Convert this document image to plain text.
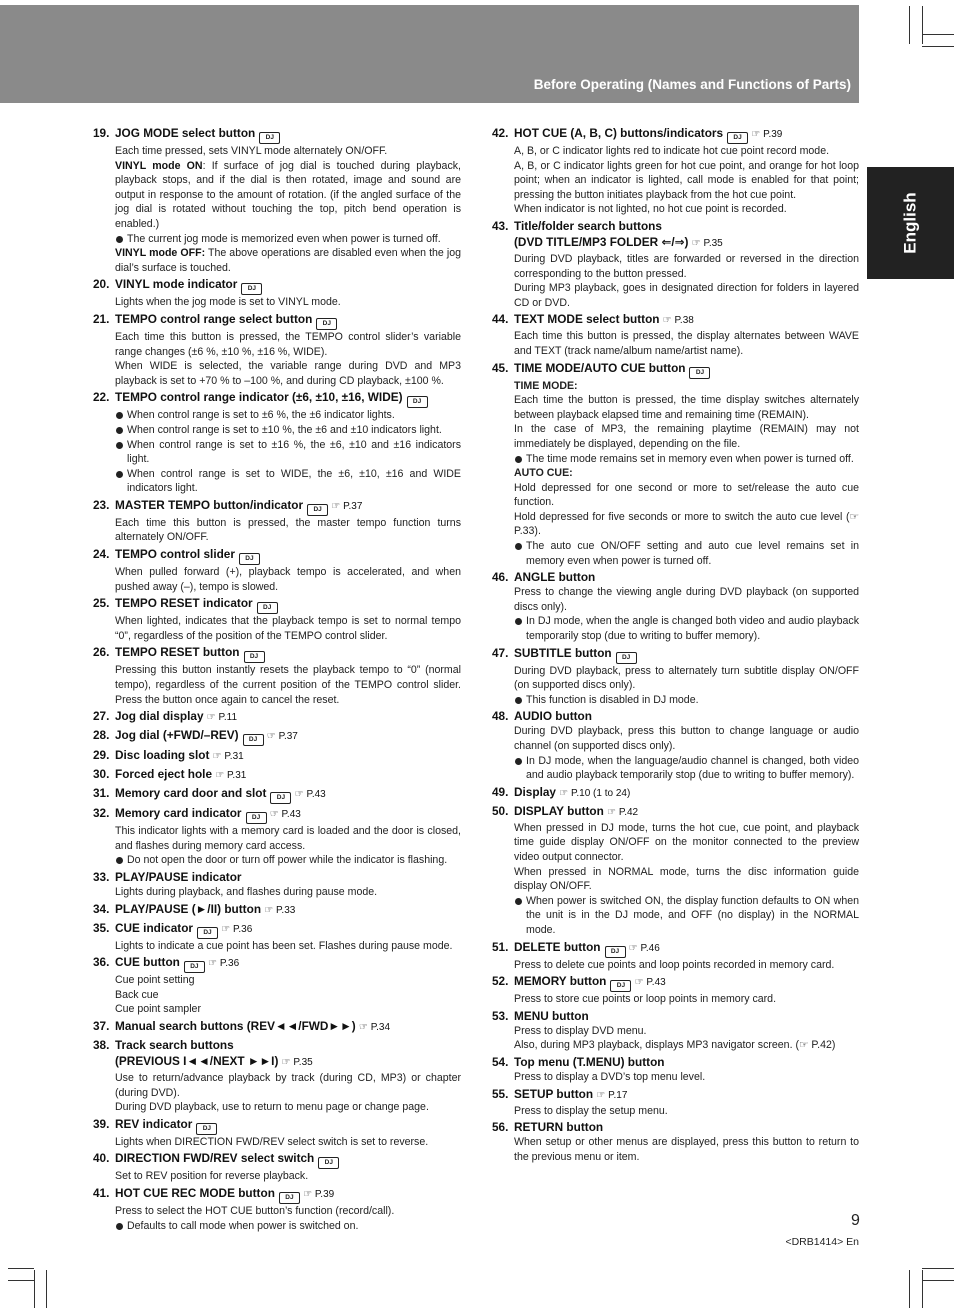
Before Operating (Names and Functions of Parts)
English
19. JOG MODE select button DJ

Each time pressed, sets VINYL mode alternately ON/OFF.

VINYL mode ON: If surface of jog dial is touched during playback, playback stops, and if the dial is then rotated, image and sound are output in response to the amount of rotation. (if the angled surface of the jog dial is rotated without touching the top, pitch bend operation is enabled.)

The current jog mode is memorized even when power is turned off.

VINYL mode OFF: The above operations are disabled even when the jog dial’s surface is touched.

20. VINYL mode indicator DJ

Lights when the jog mode is set to VINYL mode.

21. TEMPO control range select button DJ

Each time this button is pressed, the TEMPO control slider’s variable range changes (±6 %, ±10 %, ±16 %, WIDE).

When WIDE is selected, the variable range during DVD and MP3 playback is set to +70 % to –100 %, and during CD playback, ±100 %.

22. TEMPO control range indicator (±6, ±10, ±16, WIDE) DJ

When control range is set to ±6 %, the ±6 indicator lights.

When control range is set to ±10 %, the ±6 and ±10 indicators light.

When control range is set to ±16 %, the ±6, ±10 and ±16 indicators light.

When control range is set to WIDE, the ±6, ±10, ±16 and WIDE indicators light.

23. MASTER TEMPO button/indicator DJ ☞ P.37

Each time this button is pressed, the master tempo function turns alternately ON/OFF.

24. TEMPO control slider DJ

When pulled forward (+), playback tempo is accelerated, and when pushed away (–), tempo is slowed.

25. TEMPO RESET indicator DJ

When lighted, indicates that the playback tempo is set to normal tempo “0”, regardless of the position of the TEMPO control slider.

26. TEMPO RESET button DJ

Pressing this button instantly resets the playback tempo to “0” (normal tempo), regardless of the current position of the TEMPO control slider. Press the button once again to cancel the reset.

27. Jog dial display ☞ P.11
28. Jog dial (+FWD/–REV) DJ ☞ P.37
29. Disc loading slot ☞ P.31
30. Forced eject hole ☞ P.31
31. Memory card door and slot DJ ☞ P.43
32. Memory card indicator DJ ☞ P.43

This indicator lights with a memory card is loaded and the door is closed, and flashes during memory card access.

Do not open the door or turn off power while the indicator is flashing.

33. PLAY/PAUSE indicator

Lights during playback, and flashes during pause mode.

34. PLAY/PAUSE (►/II) button ☞ P.33
35. CUE indicator DJ ☞ P.36

Lights to indicate a cue point has been set. Flashes during pause mode.

36. CUE button DJ ☞ P.36

Cue point setting

Back cue

Cue point sampler

37. Manual search buttons (REV◄◄/FWD►►) ☞ P.34
38. Track search buttons
(PREVIOUS I◄◄/NEXT ►►I) ☞ P.35

Use to return/advance playback by track (during CD, MP3) or chapter (during DVD).

During DVD playback, use to return to menu page or change page.

39. REV indicator DJ

Lights when DIRECTION FWD/REV select switch is set to reverse.

40. DIRECTION FWD/REV select switch DJ

Set to REV position for reverse playback.

41. HOT CUE REC MODE button DJ ☞ P.39

Press to select the HOT CUE button’s function (record/call).

Defaults to call mode when power is switched on.

42. HOT CUE (A, B, C) buttons/indicators DJ ☞ P.39

A, B, or C indicator lights red to indicate hot cue point record mode.

A, B, or C indicator lights green for hot cue point, and orange for hot loop point; when an indicator is lighted, call mode is enabled for that point; pressing the button initiates playback from the hot cue point.

When indicator is not lighted, no hot cue point is recorded.

43. Title/folder search buttons
(DVD TITLE/MP3 FOLDER ⇐/⇒) ☞ P.35

During DVD playback, titles are forwarded or reversed in the direction corresponding to the button pressed.

During MP3 playback, goes in designated direction for folders in layered CD or DVD.

44. TEXT MODE select button ☞ P.38

Each time this button is pressed, the display alternates between WAVE and TEXT (track name/album name/artist name).

45. TIME MODE/AUTO CUE button DJ

TIME MODE:

Each time the button is pressed, the time display switches alternately between playback elapsed time and remaining time (REMAIN).

In the case of MP3, the remaining playtime (REMAIN) may not immediately be displayed, depending on the file.

The time mode remains set in memory even when power is turned off.

AUTO CUE:

Hold depressed for one second or more to set/release the auto cue function.

Hold depressed for five seconds or more to switch the auto cue level (☞ P.33).

The auto cue ON/OFF setting and auto cue level remains set in memory even when power is turned off.

46. ANGLE button

Press to change the viewing angle during DVD playback (on supported discs only).

In DJ mode, when the angle is changed both video and audio playback temporarily stop (due to writing to buffer memory).

47. SUBTITLE button DJ

During DVD playback, press to alternately turn subtitle display ON/OFF (on supported discs only).

This function is disabled in DJ mode.

48. AUDIO button

During DVD playback, press this button to change language or audio channel (on supported discs only).

In DJ mode, when the language/audio channel is changed, both video and audio playback temporarily stop (due to writing to buffer memory).

49. Display ☞ P.10 (1 to 24)
50. DISPLAY button ☞ P.42

When pressed in DJ mode, turns the hot cue, cue point, and playback time guide display ON/OFF on the monitor connected to the preview video output connector.

When pressed in NORMAL mode, turns the disc information guide display ON/OFF.

When power is switched ON, the display function defaults to ON when the unit is in the DJ mode, and OFF (no display) in the NORMAL mode.

51. DELETE button DJ ☞ P.46

Press to delete cue points and loop points recorded in memory card.

52. MEMORY button DJ ☞ P.43

Press to store cue points or loop points in memory card.

53. MENU button

Press to display DVD menu.

Also, during MP3 playback, displays MP3 navigator screen. (☞ P.42)

54. Top menu (T.MENU) button

Press to display a DVD’s top menu level.

55. SETUP button ☞ P.17

Press to display the setup menu.

56. RETURN button

When setup or other menus are displayed, press this button to return to the previous menu or item.

9
<DRB1414> En
